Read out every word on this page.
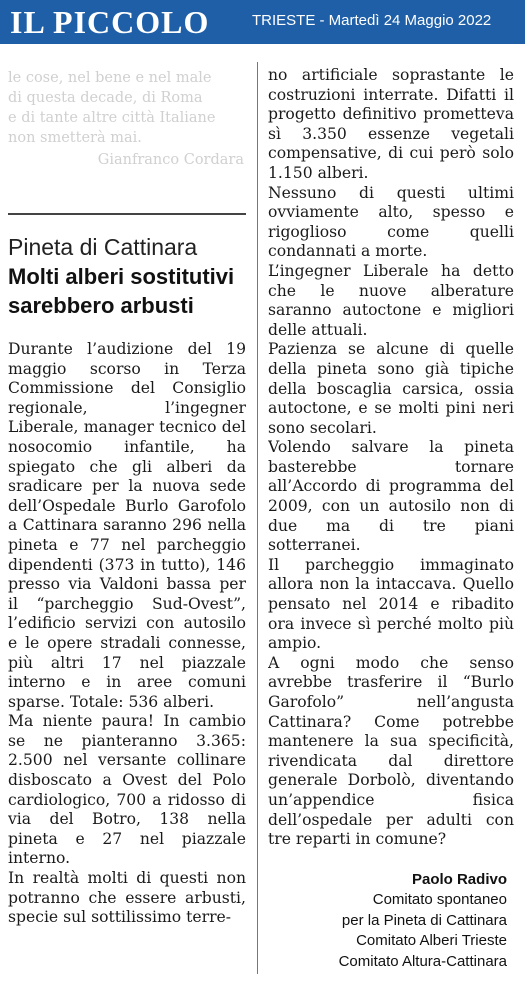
IL PICCOLO	TRIESTE - Martedì 24 Maggio 2022
le cose, nel bene e nel male
di questa decade, di Roma
e di tante altre città Italiane
non smetterà mai.
Gianfranco Cordara
Pineta di Cattinara
Molti alberi sostitutivi sarebbero arbusti

Durante l’audizione del 19 maggio scorso in Terza Commissione del Consiglio regionale, l’ingegner Liberale, manager tecnico del nosocomio infantile, ha spiegato che gli alberi da sradicare per la nuova sede dell’Ospedale Burlo Garofolo a Cattinara saranno 296 nella pineta e 77 nel parcheggio dipendenti (373 in tutto), 146 presso via Valdoni bassa per il “parcheggio Sud-Ovest”, l’edificio servizi con autosilo e le opere stradali connesse, più altri 17 nel piazzale interno e in aree comuni sparse. Totale: 536 alberi.

Ma niente paura! In cambio se ne pianteranno 3.365: 2.500 nel versante collinare disboscato a Ovest del Polo cardiologico, 700 a ridosso di via del Botro, 138 nella pineta e 27 nel piazzale interno.

In realtà molti di questi non potranno che essere arbusti, specie sul sottilissimo terre-

no artificiale soprastante le costruzioni interrate. Difatti il progetto definitivo prometteva sì 3.350 essenze vegetali compensative, di cui però solo 1.150 alberi.

Nessuno di questi ultimi ovviamente alto, spesso e rigoglioso come quelli condannati a morte.

L’ingegner Liberale ha detto che le nuove alberature saranno autoctone e migliori delle attuali.

Pazienza se alcune di quelle della pineta sono già tipiche della boscaglia carsica, ossia autoctone, e se molti pini neri sono secolari.

Volendo salvare la pineta basterebbe tornare all’Accordo di programma del 2009, con un autosilo non di due ma di tre piani sotterranei.

Il parcheggio immaginato allora non la intaccava. Quello pensato nel 2014 e ribadito ora invece sì perché molto più ampio.

A ogni modo che senso avrebbe trasferire il “Burlo Garofolo” nell’angusta Cattinara? Come potrebbe mantenere la sua specificità, rivendicata dal direttore generale Dorbolò, diventando un’appendice fisica dell’ospedale per adulti con tre reparti in comune?

Paolo Radivo
Comitato spontaneo
per la Pineta di Cattinara
Comitato Alberi Trieste
Comitato Altura-Cattinara
